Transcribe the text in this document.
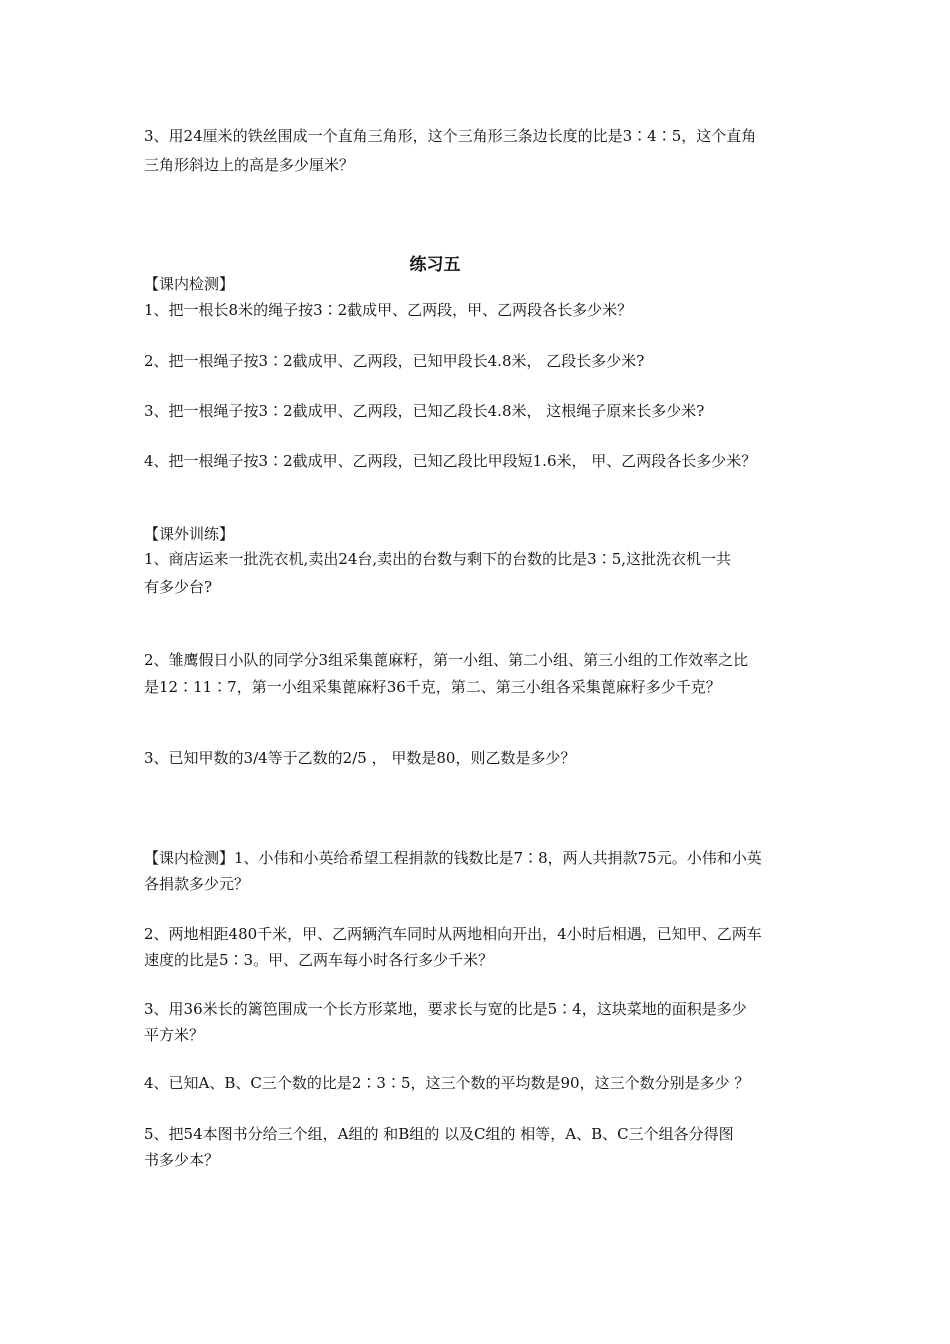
3、用24厘米的铁丝围成一个直角三角形，这个三角形三条边长度的比是3∶4∶5，这个直角
三角形斜边上的高是多少厘米？
练习五
【课内检测】
1、把一根长8米的绳子按3∶2截成甲、乙两段，甲、乙两段各长多少米？
2、把一根绳子按3∶2截成甲、乙两段，已知甲段长4.8米， 乙段长多少米?
3、把一根绳子按3∶2截成甲、乙两段，已知乙段长4.8米， 这根绳子原来长多少米?
4、把一根绳子按3∶2截成甲、乙两段，已知乙段比甲段短1.6米， 甲、乙两段各长多少米？
【课外训练】
1、商店运来一批洗衣机,卖出24台,卖出的台数与剩下的台数的比是3∶5,这批洗衣机一共
有多少台?
2、雏鹰假日小队的同学分3组采集蓖麻籽，第一小组、第二小组、第三小组的工作效率之比
是12∶11∶7，第一小组采集蓖麻籽36千克，第二、第三小组各采集蓖麻籽多少千克？
3、已知甲数的3/4等于乙数的2/5 ， 甲数是80，则乙数是多少？
【课内检测】1、小伟和小英给希望工程捐款的钱数比是7∶8，两人共捐款75元。小伟和小英
各捐款多少元？
2、两地相距480千米，甲、乙两辆汽车同时从两地相向开出，4小时后相遇，已知甲、乙两车
速度的比是5∶3。甲、乙两车每小时各行多少千米？
3、用36米长的篱笆围成一个长方形菜地，要求长与宽的比是5∶4，这块菜地的面积是多少
平方米？
4、已知A、B、C三个数的比是2∶3∶5，这三个数的平均数是90，这三个数分别是多少 ？
5、把54本图书分给三个组，A组的 和B组的 以及C组的 相等，A、B、C三个组各分得图
书多少本？
